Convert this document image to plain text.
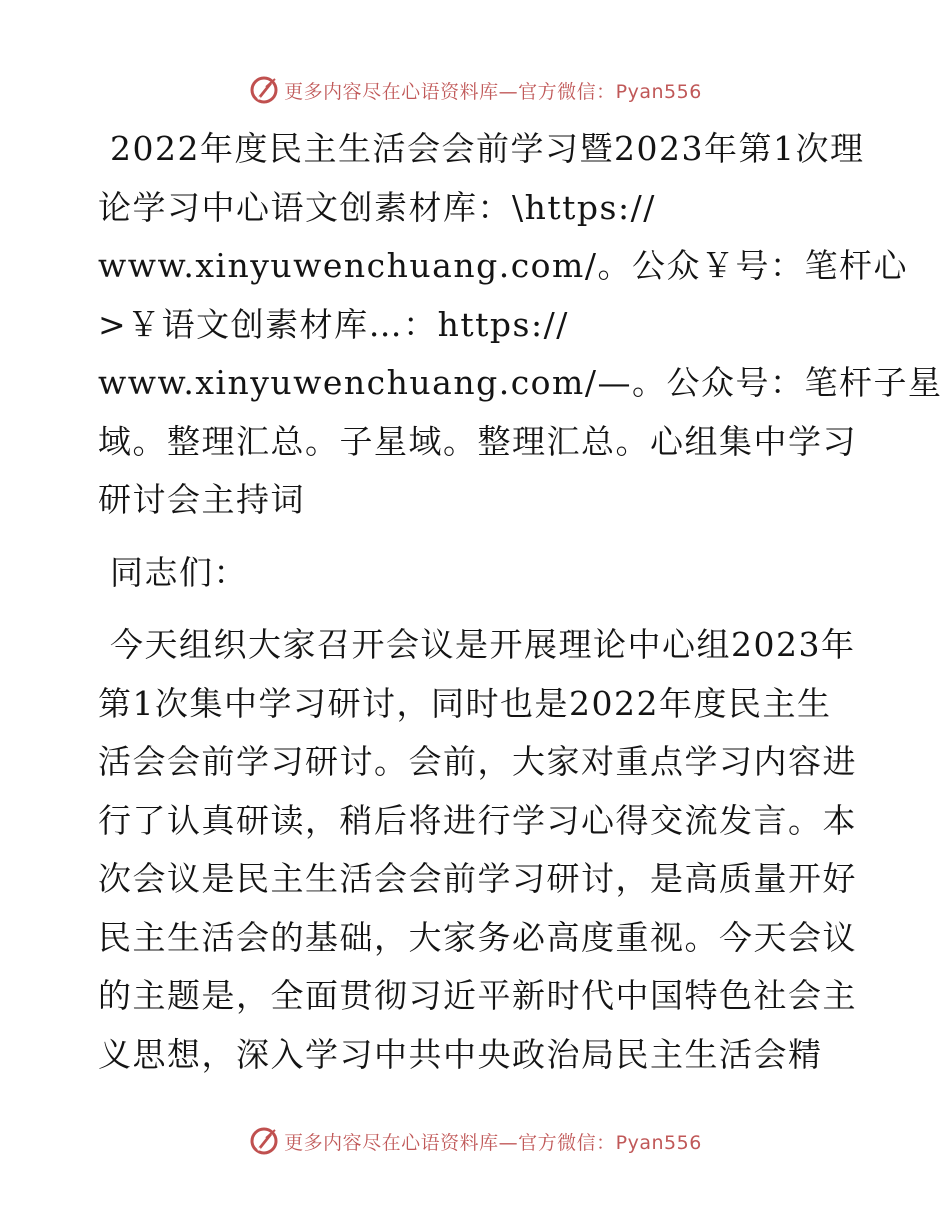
更多内容尽在心语资料库—官方微信：Pyan556
2022年度民主生活会会前学习暨2023年第1次理
论学习中心语文创素材库：\https://
www.xinyuwenchuang.com/。公众￥号：笔杆心
>￥语文创素材库…：https://
www.xinyuwenchuang.com/—。公众号：笔杆子星
域。整理汇总。子星域。整理汇总。心组集中学习
研讨会主持词
同志们：
今天组织大家召开会议是开展理论中心组2023年
第1次集中学习研讨，同时也是2022年度民主生
活会会前学习研讨。会前，大家对重点学习内容进
行了认真研读，稍后将进行学习心得交流发言。本
次会议是民主生活会会前学习研讨，是高质量开好
民主生活会的基础，大家务必高度重视。今天会议
的主题是，全面贯彻习近平新时代中国特色社会主
义思想，深入学习中共中央政治局民主生活会精
更多内容尽在心语资料库—官方微信：Pyan556
